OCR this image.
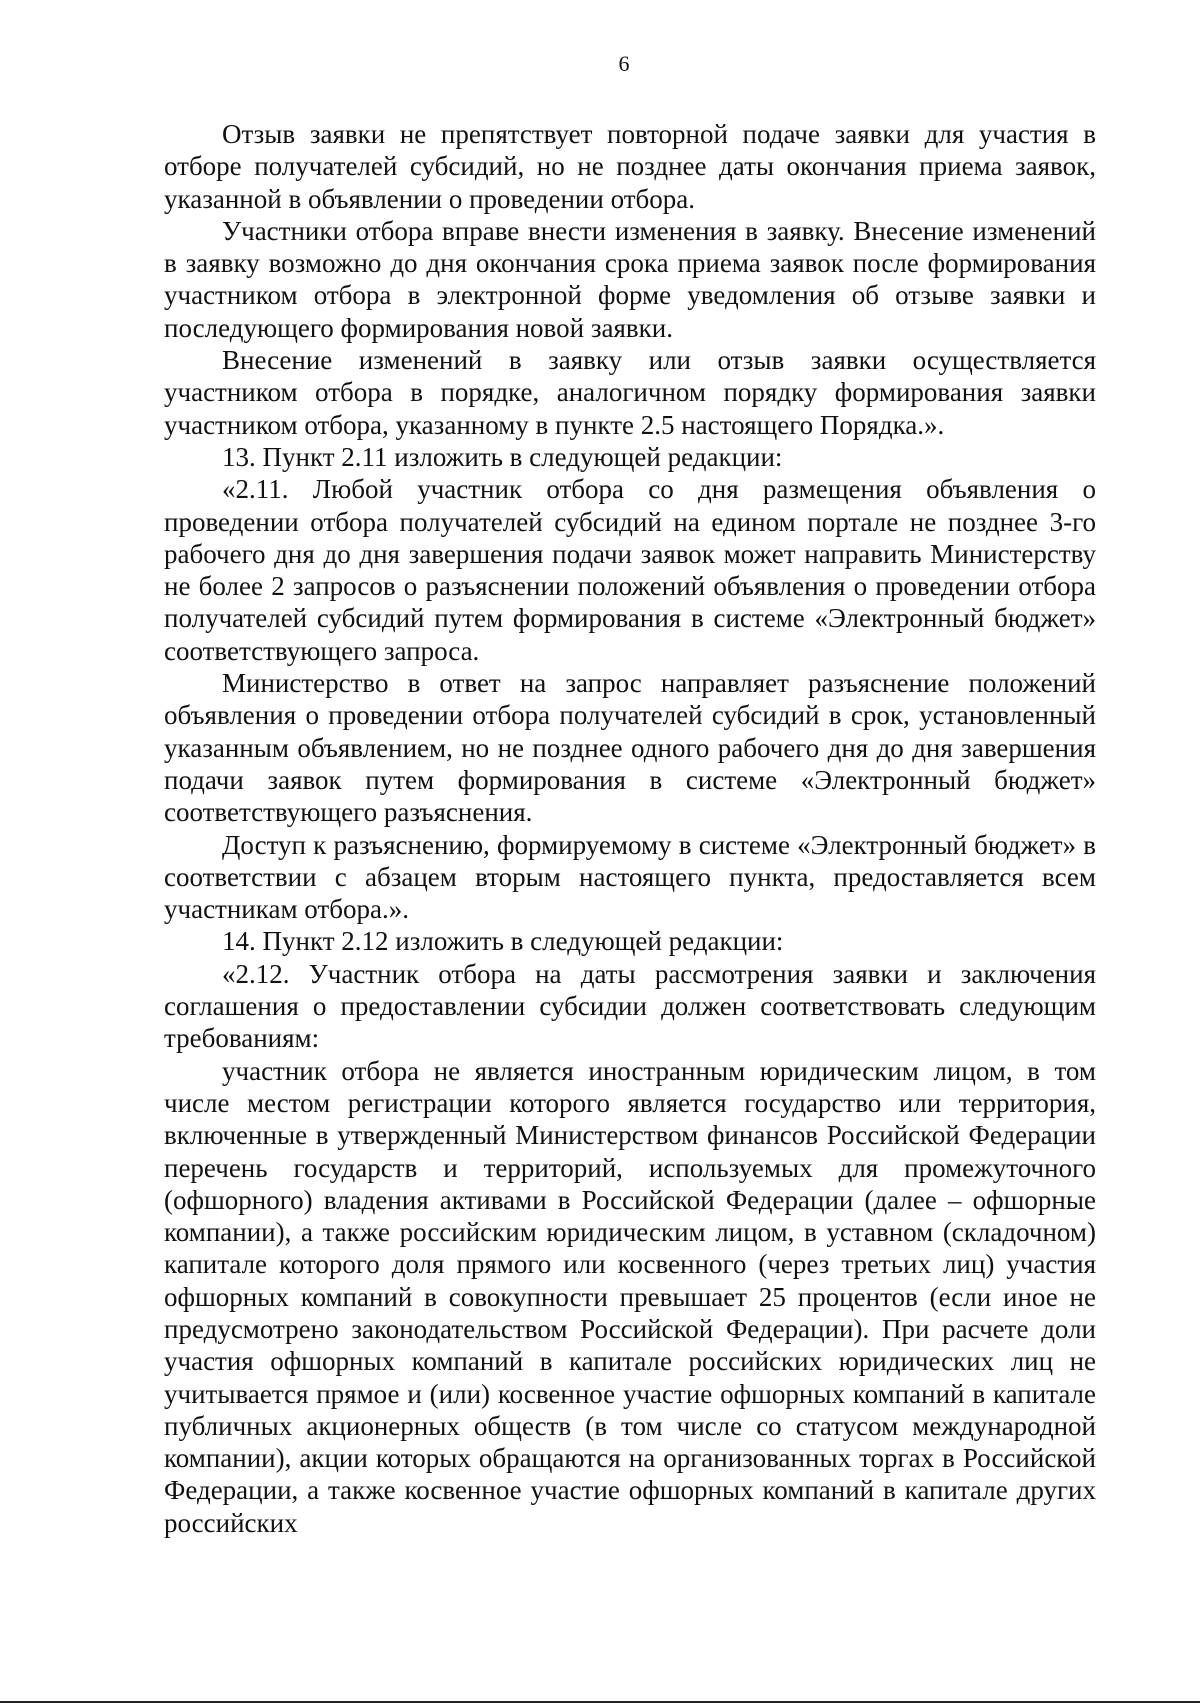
6

Отзыв заявки не препятствует повторной подаче заявки для участия в отборе получателей субсидий, но не позднее даты окончания приема заявок, указанной в объявлении о проведении отбора.

Участники отбора вправе внести изменения в заявку. Внесение изменений в заявку возможно до дня окончания срока приема заявок после формирования участником отбора в электронной форме уведомления об отзыве заявки и последующего формирования новой заявки.

Внесение изменений в заявку или отзыв заявки осуществляется участником отбора в порядке, аналогичном порядку формирования заявки участником отбора, указанному в пункте 2.5 настоящего Порядка.».

13. Пункт 2.11 изложить в следующей редакции:

«2.11. Любой участник отбора со дня размещения объявления о проведении отбора получателей субсидий на едином портале не позднее 3-го рабочего дня до дня завершения подачи заявок может направить Министерству не более 2 запросов о разъяснении положений объявления о проведении отбора получателей субсидий путем формирования в системе «Электронный бюджет» соответствующего запроса.

Министерство в ответ на запрос направляет разъяснение положений объявления о проведении отбора получателей субсидий в срок, установленный указанным объявлением, но не позднее одного рабочего дня до дня завершения подачи заявок путем формирования в системе «Электронный бюджет» соответствующего разъяснения.

Доступ к разъяснению, формируемому в системе «Электронный бюджет» в соответствии с абзацем вторым настоящего пункта, предоставляется всем участникам отбора.».

14. Пункт 2.12 изложить в следующей редакции:

«2.12. Участник отбора на даты рассмотрения заявки и заключения соглашения о предоставлении субсидии должен соответствовать следующим требованиям:

участник отбора не является иностранным юридическим лицом, в том числе местом регистрации которого является государство или территория, включенные в утвержденный Министерством финансов Российской Федерации перечень государств и территорий, используемых для промежуточного (офшорного) владения активами в Российской Федерации (далее – офшорные компании), а также российским юридическим лицом, в уставном (складочном) капитале которого доля прямого или косвенного (через третьих лиц) участия офшорных компаний в совокупности превышает 25 процентов (если иное не предусмотрено законодательством Российской Федерации). При расчете доли участия офшорных компаний в капитале российских юридических лиц не учитывается прямое и (или) косвенное участие офшорных компаний в капитале публичных акционерных обществ (в том числе со статусом международной компании), акции которых обращаются на организованных торгах в Российской Федерации, а также косвенное участие офшорных компаний в капитале других российских
